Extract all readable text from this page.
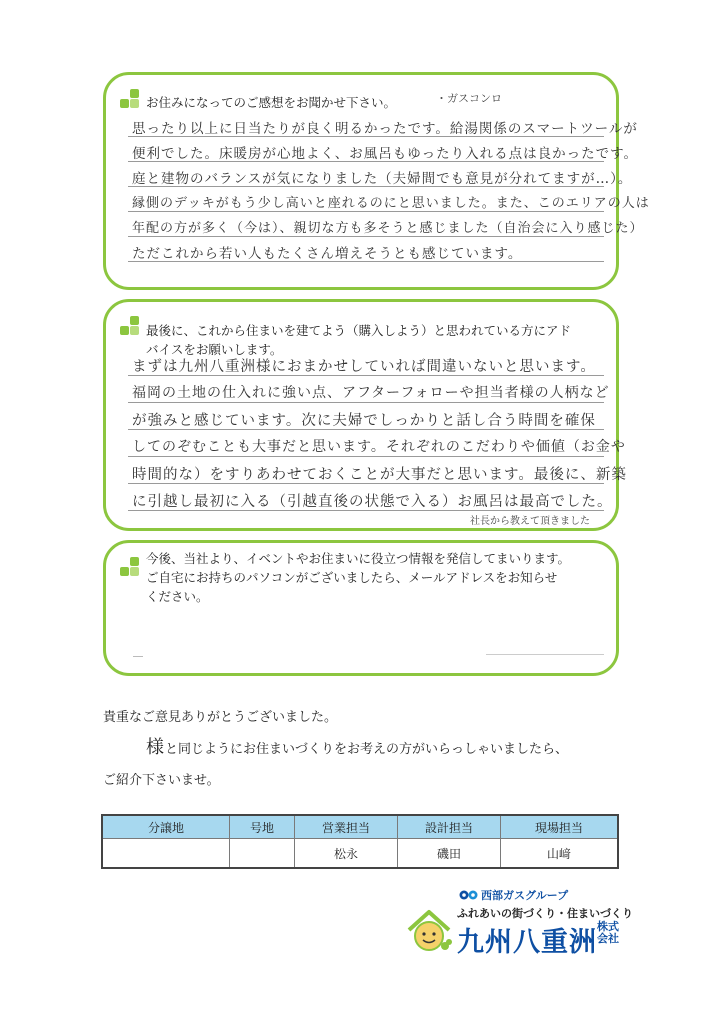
お住みになってのご感想をお聞かせ下さい。	・ガスコンロ
思ったり以上に日当たりが良く明るかったです。給湯関係のスマートツールが
便利でした。床暖房が心地よく、お風呂もゆったり入れる点は良かったです。
庭と建物のバランスが気になりました（夫婦間でも意見が分れてますが…）。
縁側のデッキがもう少し高いと座れるのにと思いました。また、このエリアの人は
年配の方が多く（今は）、親切な方も多そうと感じました（自治会に入り感じた）
ただこれから若い人もたくさん増えそうとも感じています。
最後に、これから住まいを建てよう（購入しよう）と思われている方にアド
バイスをお願いします。
まずは九州八重洲様におまかせしていれば間違いないと思います。
福岡の土地の仕入れに強い点、アフターフォローや担当者様の人柄など
が強みと感じています。次に夫婦でしっかりと話し合う時間を確保
してのぞむことも大事だと思います。それぞれのこだわりや価値（お金や
時間的な）をすりあわせておくことが大事だと思います。最後に、新築
に引越し最初に入る（引越直後の状態で入る）お風呂は最高でした。
社長から教えて頂きました
今後、当社より、イベントやお住まいに役立つ情報を発信してまいります。
ご自宅にお持ちのパソコンがございましたら、メールアドレスをお知らせ
ください。
貴重なご意見ありがとうございました。
様 と同じようにお住まいづくりをお考えの方がいらっしゃいましたら、
ご紹介下さいませ。
分譲地	号地	営業担当	設計担当	現場担当
		松永	磯田	山﨑
西部ガスグループ
ふれあいの街づくり・住まいづくり
九州八重洲
株式
会社
